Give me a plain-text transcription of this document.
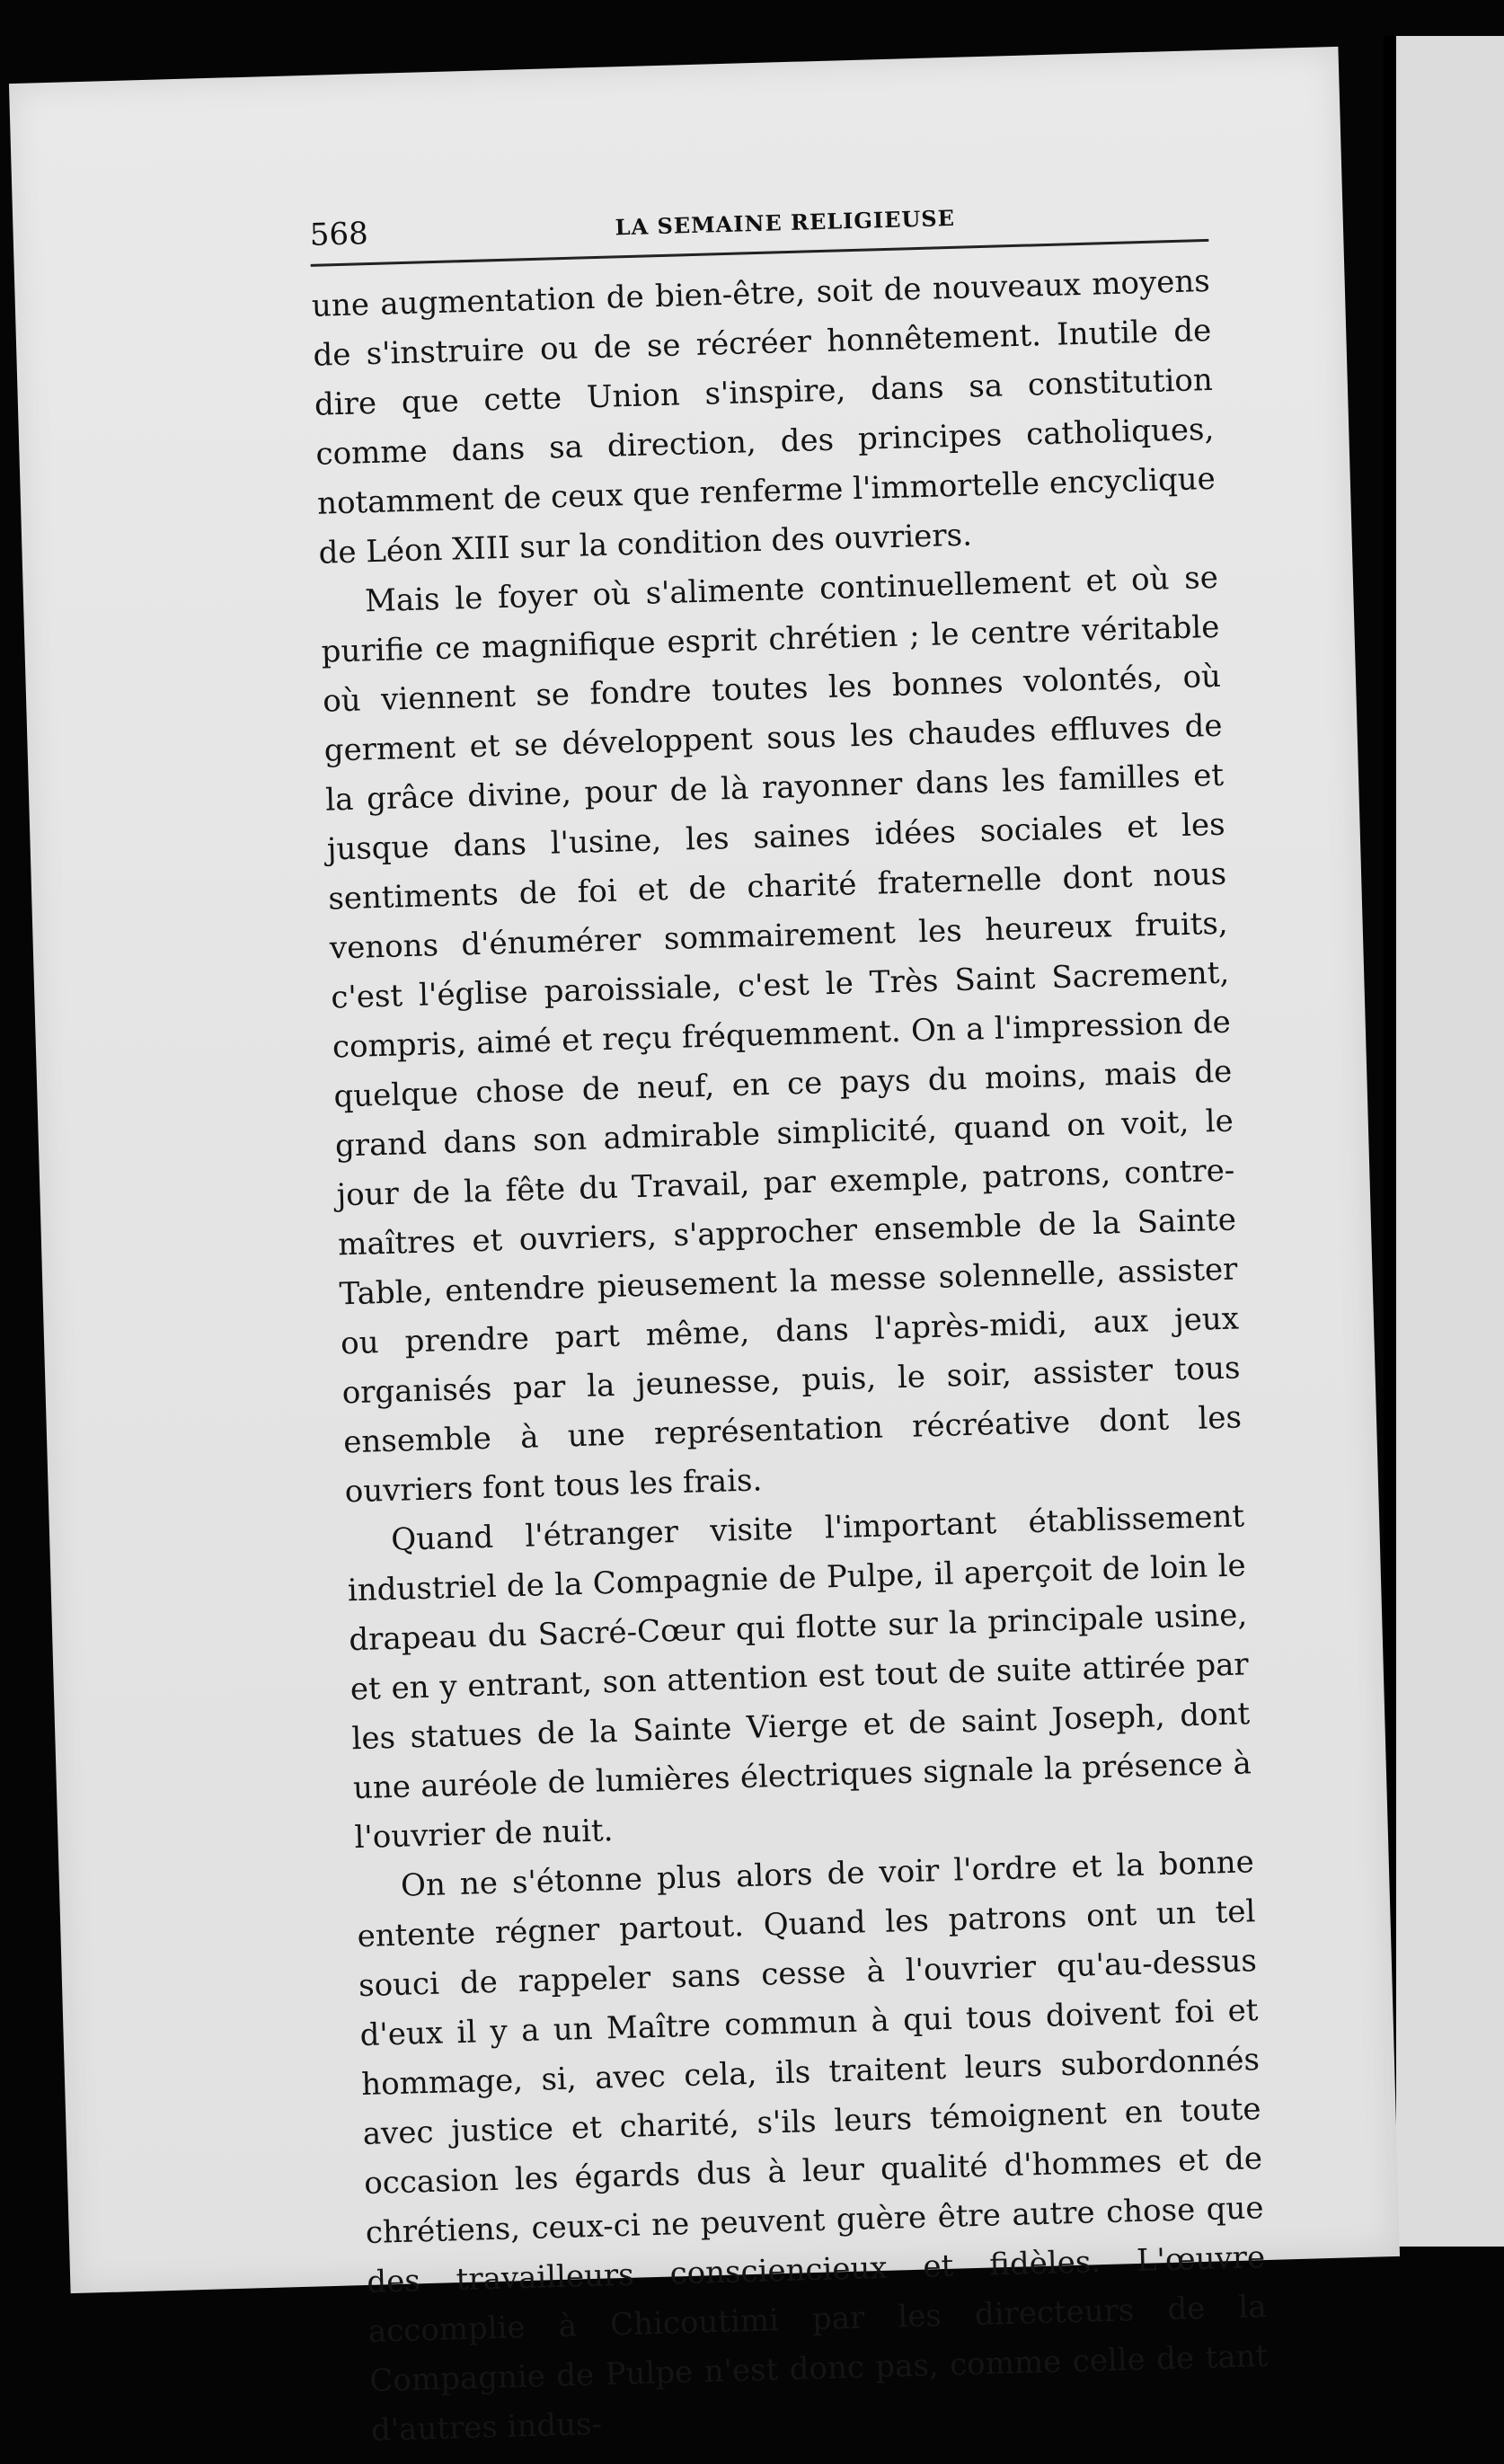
568	LA SEMAINE RELIGIEUSE

une augmentation de bien-être, soit de nouveaux moyens de s'instruire ou de se récréer honnêtement. Inutile de dire que cette Union s'inspire, dans sa constitution comme dans sa direction, des principes catholiques, notamment de ceux que renferme l'immortelle encyclique de Léon XIII sur la condition des ouvriers.

Mais le foyer où s'alimente continuellement et où se purifie ce magnifique esprit chrétien ; le centre véritable où viennent se fondre toutes les bonnes volontés, où germent et se développent sous les chaudes effluves de la grâce divine, pour de là rayonner dans les familles et jusque dans l'usine, les saines idées sociales et les sentiments de foi et de charité fraternelle dont nous venons d'énumérer sommairement les heureux fruits, c'est l'église paroissiale, c'est le Très Saint Sacrement, compris, aimé et reçu fréquemment. On a l'impression de quelque chose de neuf, en ce pays du moins, mais de grand dans son admirable simplicité, quand on voit, le jour de la fête du Travail, par exemple, patrons, contre-maîtres et ouvriers, s'approcher ensemble de la Sainte Table, entendre pieusement la messe solennelle, assister ou prendre part même, dans l'après-midi, aux jeux organisés par la jeunesse, puis, le soir, assister tous ensemble à une représentation récréative dont les ouvriers font tous les frais.

Quand l'étranger visite l'important établissement industriel de la Compagnie de Pulpe, il aperçoit de loin le drapeau du Sacré-Cœur qui flotte sur la principale usine, et en y entrant, son attention est tout de suite attirée par les statues de la Sainte Vierge et de saint Joseph, dont une auréole de lumières électriques signale la présence à l'ouvrier de nuit.

On ne s'étonne plus alors de voir l'ordre et la bonne entente régner partout. Quand les patrons ont un tel souci de rappeler sans cesse à l'ouvrier qu'au-dessus d'eux il y a un Maître commun à qui tous doivent foi et hommage, si, avec cela, ils traitent leurs subordonnés avec justice et charité, s'ils leurs témoignent en toute occasion les égards dus à leur qualité d'hommes et de chrétiens, ceux-ci ne peuvent guère être autre chose que des travailleurs consciencieux et fidèles. L'œuvre accomplie à Chicoutimi par les directeurs de la Compagnie de Pulpe n'est donc pas, comme celle de tant d'autres indus-
